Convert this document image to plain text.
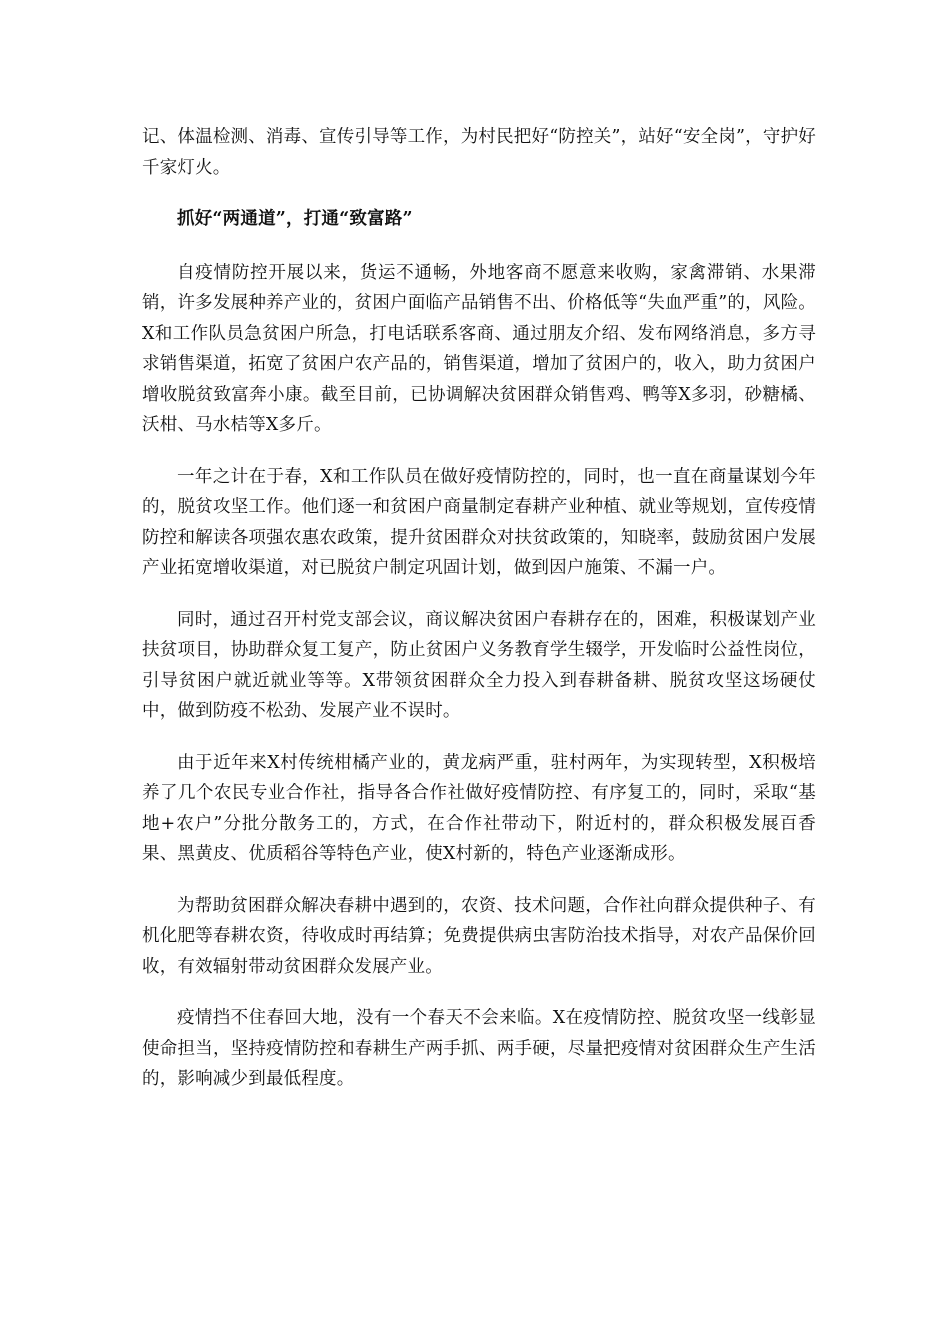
记、体温检测、消毒、宣传引导等工作，为村民把好“防控关”，站好“安全岗”，守护好千家灯火。

抓好“两通道”，打通“致富路”

自疫情防控开展以来，货运不通畅，外地客商不愿意来收购，家禽滞销、水果滞销，许多发展种养产业的，贫困户面临产品销售不出、价格低等“失血严重”的，风险。X和工作队员急贫困户所急，打电话联系客商、通过朋友介绍、发布网络消息，多方寻求销售渠道，拓宽了贫困户农产品的，销售渠道，增加了贫困户的，收入，助力贫困户增收脱贫致富奔小康。截至目前，已协调解决贫困群众销售鸡、鸭等X多羽，砂糖橘、沃柑、马水桔等X多斤。

一年之计在于春，X和工作队员在做好疫情防控的，同时，也一直在商量谋划今年的，脱贫攻坚工作。他们逐一和贫困户商量制定春耕产业种植、就业等规划，宣传疫情防控和解读各项强农惠农政策，提升贫困群众对扶贫政策的，知晓率，鼓励贫困户发展产业拓宽增收渠道，对已脱贫户制定巩固计划，做到因户施策、不漏一户。

同时，通过召开村党支部会议，商议解决贫困户春耕存在的，困难，积极谋划产业扶贫项目，协助群众复工复产，防止贫困户义务教育学生辍学，开发临时公益性岗位，引导贫困户就近就业等等。X带领贫困群众全力投入到春耕备耕、脱贫攻坚这场硬仗中，做到防疫不松劲、发展产业不误时。

由于近年来X村传统柑橘产业的，黄龙病严重，驻村两年，为实现转型，X积极培养了几个农民专业合作社，指导各合作社做好疫情防控、有序复工的，同时，采取“基地+农户”分批分散务工的，方式，在合作社带动下，附近村的，群众积极发展百香果、黑黄皮、优质稻谷等特色产业，使X村新的，特色产业逐渐成形。

为帮助贫困群众解决春耕中遇到的，农资、技术问题，合作社向群众提供种子、有机化肥等春耕农资，待收成时再结算；免费提供病虫害防治技术指导，对农产品保价回收，有效辐射带动贫困群众发展产业。

疫情挡不住春回大地，没有一个春天不会来临。X在疫情防控、脱贫攻坚一线彰显使命担当，坚持疫情防控和春耕生产两手抓、两手硬，尽量把疫情对贫困群众生产生活的，影响减少到最低程度。
